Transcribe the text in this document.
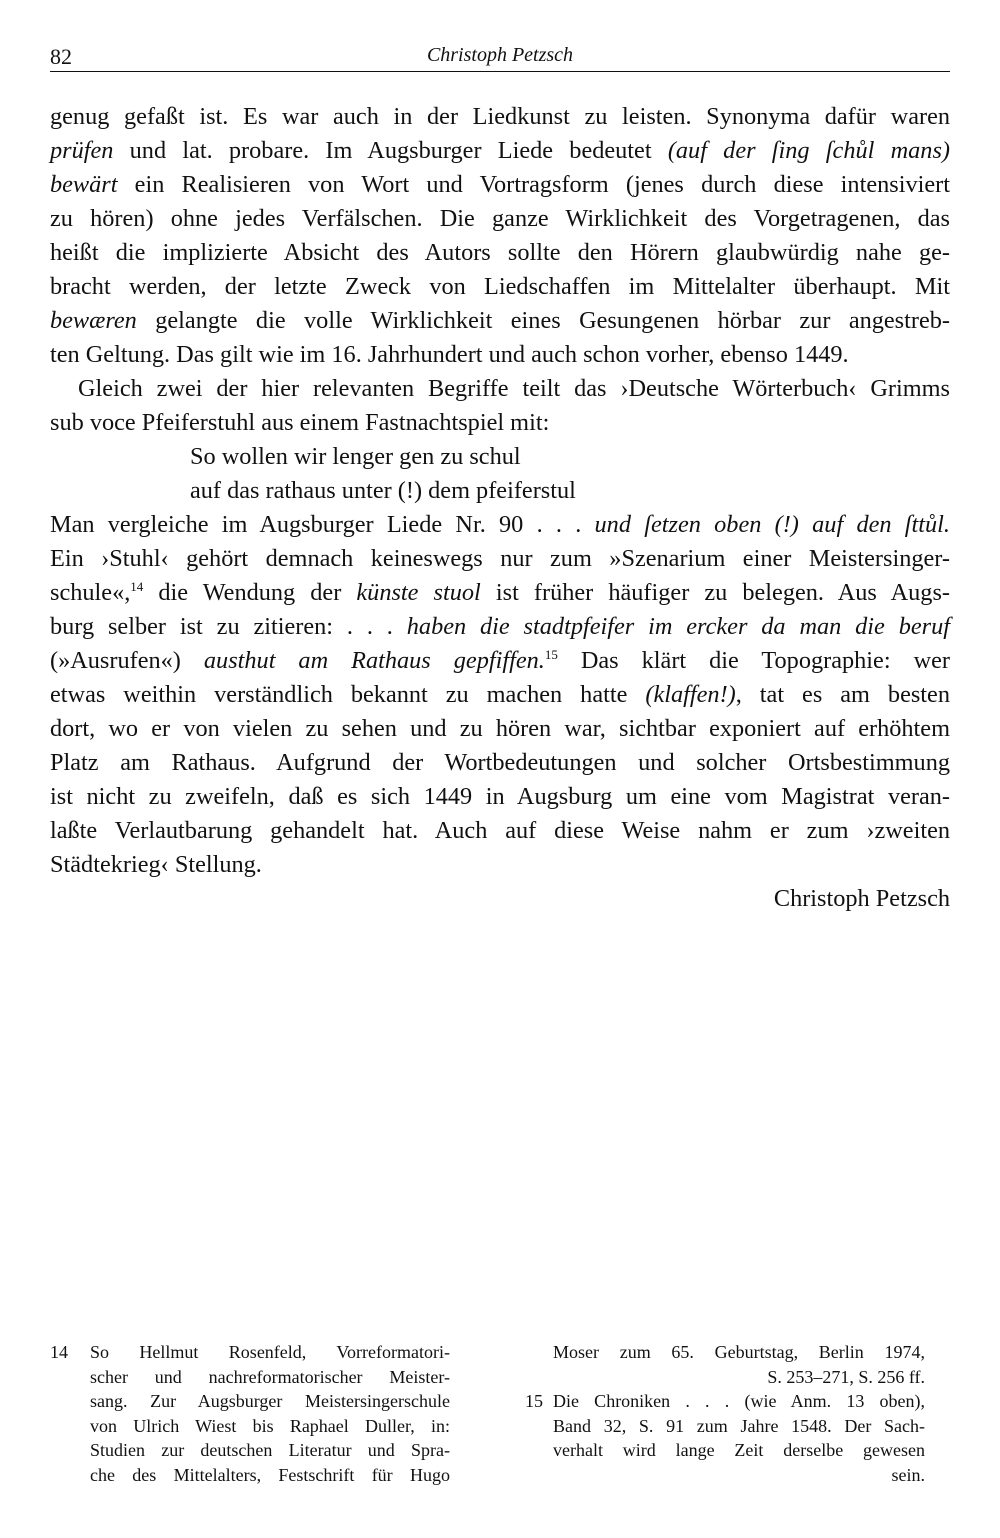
82	Christoph Petzsch
genug gefaßt ist. Es war auch in der Liedkunst zu leisten. Synonyma dafür waren
prüfen und lat. probare. Im Augsburger Liede bedeutet (auf der ſing ſchůl mans)
bewärt ein Realisieren von Wort und Vortragsform (jenes durch diese intensiviert
zu hören) ohne jedes Verfälschen. Die ganze Wirklichkeit des Vorgetragenen, das
heißt die implizierte Absicht des Autors sollte den Hörern glaubwürdig nahe ge-
bracht werden, der letzte Zweck von Liedschaffen im Mittelalter überhaupt. Mit
bewæren gelangte die volle Wirklichkeit eines Gesungenen hörbar zur angestreb-
ten Geltung. Das gilt wie im 16. Jahrhundert und auch schon vorher, ebenso 1449.
Gleich zwei der hier relevanten Begriffe teilt das ›Deutsche Wörterbuch‹ Grimms
sub voce Pfeiferstuhl aus einem Fastnachtspiel mit:
So wollen wir lenger gen zu schul
auf das rathaus unter (!) dem pfeiferstul
Man vergleiche im Augsburger Liede Nr. 90 . . . und ſetzen oben (!) auf den ſttůl.
Ein ›Stuhl‹ gehört demnach keineswegs nur zum »Szenarium einer Meistersinger-
schule«,$^{14}$ die Wendung der künste stuol ist früher häufiger zu belegen. Aus Augs-
burg selber ist zu zitieren: . . . haben die stadtpfeifer im ercker da man die beruf
(»Ausrufen«) austhut am Rathaus gepfiffen.$^{15}$ Das klärt die Topographie: wer
etwas weithin verständlich bekannt zu machen hatte (klaffen!), tat es am besten
dort, wo er von vielen zu sehen und zu hören war, sichtbar exponiert auf erhöhtem
Platz am Rathaus. Aufgrund der Wortbedeutungen und solcher Ortsbestimmung
ist nicht zu zweifeln, daß es sich 1449 in Augsburg um eine vom Magistrat veran-
laßte Verlautbarung gehandelt hat. Auch auf diese Weise nahm er zum ›zweiten
Städtekrieg‹ Stellung.
Christoph Petzsch
14 So Hellmut Rosenfeld, Vorreformatori-
scher und nachreformatorischer Meister-
sang. Zur Augsburger Meistersingerschule
von Ulrich Wiest bis Raphael Duller, in:
Studien zur deutschen Literatur und Spra-
che des Mittelalters, Festschrift für Hugo
Moser zum 65. Geburtstag, Berlin 1974,
S. 253–271, S. 256 ff.
15 Die Chroniken . . . (wie Anm. 13 oben),
Band 32, S. 91 zum Jahre 1548. Der Sach-
verhalt wird lange Zeit derselbe gewesen
sein.
